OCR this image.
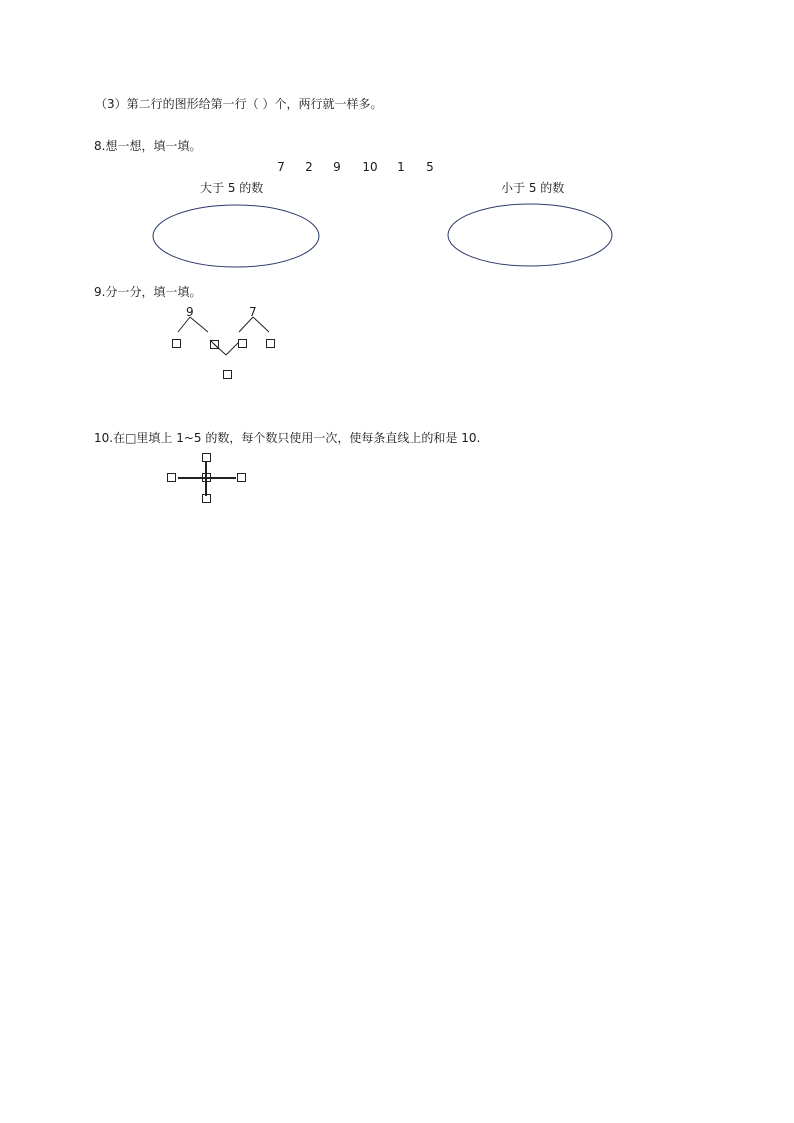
（3）第二行的图形给第一行（ ）个，两行就一样多。
8.想一想，填一填。
7	2	9	10	1	5
大于 5 的数	小于 5 的数
9.分一分，填一填。
9	7
10.在□里填上 1~5 的数，每个数只使用一次，使每条直线上的和是 10.
